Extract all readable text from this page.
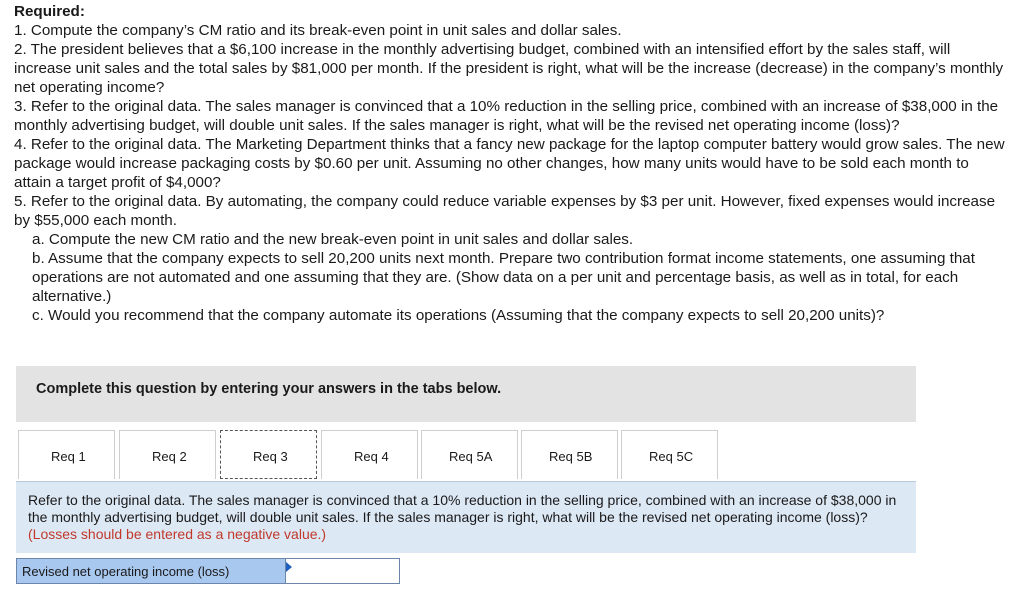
Required:

1. Compute the company’s CM ratio and its break-even point in unit sales and dollar sales.

2. The president believes that a $6,100 increase in the monthly advertising budget, combined with an intensified effort by the sales staff, will increase unit sales and the total sales by $81,000 per month. If the president is right, what will be the increase (decrease) in the company’s monthly net operating income?

3. Refer to the original data. The sales manager is convinced that a 10% reduction in the selling price, combined with an increase of $38,000 in the monthly advertising budget, will double unit sales. If the sales manager is right, what will be the revised net operating income (loss)?

4. Refer to the original data. The Marketing Department thinks that a fancy new package for the laptop computer battery would grow sales. The new package would increase packaging costs by $0.60 per unit. Assuming no other changes, how many units would have to be sold each month to attain a target profit of $4,000?

5. Refer to the original data. By automating, the company could reduce variable expenses by $3 per unit. However, fixed expenses would increase by $55,000 each month.

a. Compute the new CM ratio and the new break-even point in unit sales and dollar sales.

b. Assume that the company expects to sell 20,200 units next month. Prepare two contribution format income statements, one assuming that operations are not automated and one assuming that they are. (Show data on a per unit and percentage basis, as well as in total, for each alternative.)

c. Would you recommend that the company automate its operations (Assuming that the company expects to sell 20,200 units)?

Complete this question by entering your answers in the tabs below.
Req 1	Req 2	Req 3	Req 4	Req 5A	Req 5B	Req 5C
Refer to the original data. The sales manager is convinced that a 10% reduction in the selling price, combined with an increase of $38,000 in the monthly advertising budget, will double unit sales. If the sales manager is right, what will be the revised net operating income (loss)? (Losses should be entered as a negative value.)
Revised net operating income (loss)
